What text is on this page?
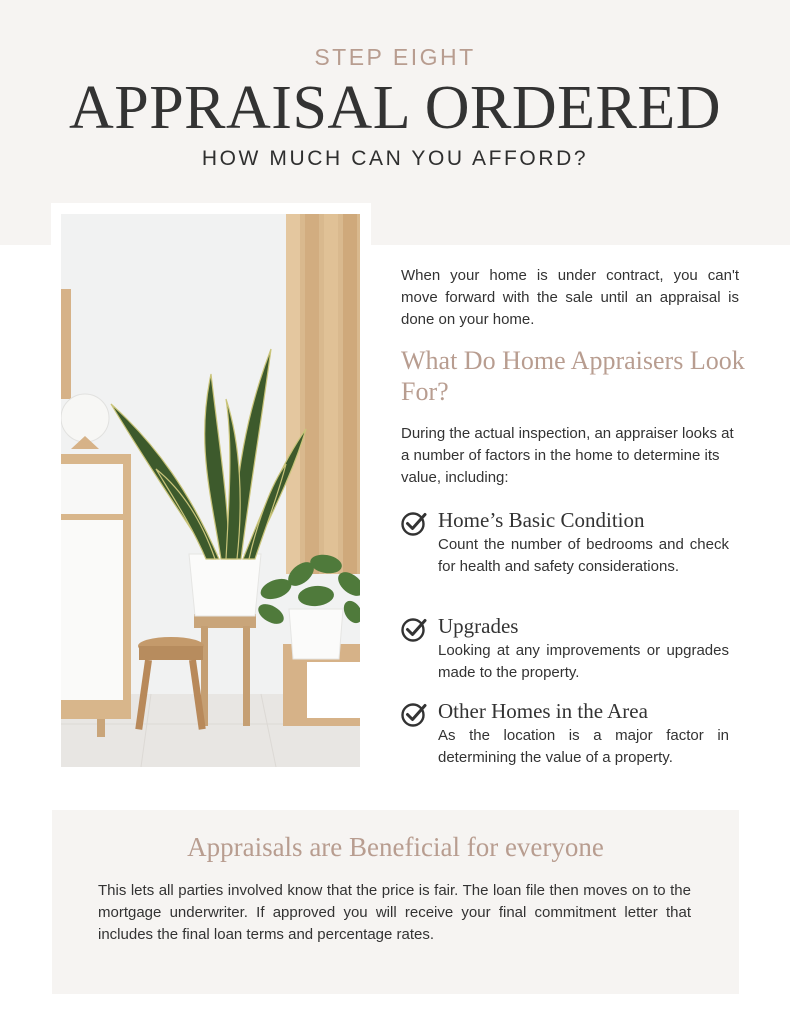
STEP EIGHT
APPRAISAL ORDERED
HOW MUCH CAN YOU AFFORD?
When your home is under contract, you can't move forward with the sale until an appraisal is done on your home.
What Do Home Appraisers Look For?
During the actual inspection, an appraiser looks at a number of factors in the home to determine its value, including:
Home’s Basic Condition
Count the number of bedrooms and check for health and safety considerations.
Upgrades
Looking at any improvements or upgrades made to the property.
Other Homes in the Area
As the location is a major factor in determining the value of a property.
Appraisals are Beneficial for everyone
This lets all parties involved know that the price is fair. The loan file then moves on to the mortgage underwriter. If approved you will receive your final commitment letter that includes the final loan terms and percentage rates.
